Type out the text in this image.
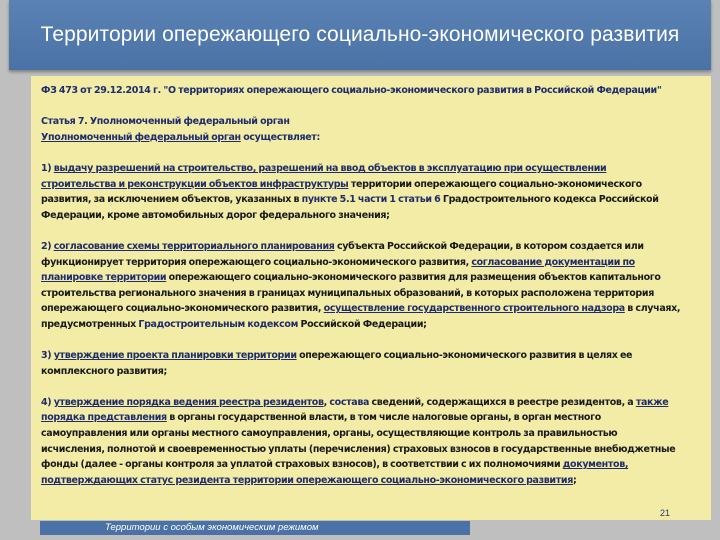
Территории опережающего социально-экономического развития

ФЗ 473 от 29.12.2014 г. "О территориях опережающего социально-экономического развития в Российской Федерации"

Статья 7. Уполномоченный федеральный орган
Уполномоченный федеральный орган осуществляет:

1) выдачу разрешений на строительство, разрешений на ввод объектов в эксплуатацию при осуществлении строительства и реконструкции объектов инфраструктуры территории опережающего социально-экономического развития, за исключением объектов, указанных в пункте 5.1 части 1 статьи 6 Градостроительного кодекса Российской Федерации, кроме автомобильных дорог федерального значения;

2) согласование схемы территориального планирования субъекта Российской Федерации, в котором создается или функционирует территория опережающего социально-экономического развития, согласование документации по планировке территории опережающего социально-экономического развития для размещения объектов капитального строительства регионального значения в границах муниципальных образований, в которых расположена территория опережающего социально-экономического развития, осуществление государственного строительного надзора в случаях, предусмотренных Градостроительным кодексом Российской Федерации;

3) утверждение проекта планировки территории опережающего социально-экономического развития в целях ее комплексного развития;

4) утверждение порядка ведения реестра резидентов, состава сведений, содержащихся в реестре резидентов, а также порядка представления в органы государственной власти, в том числе налоговые органы, в орган местного самоуправления или органы местного самоуправления, органы, осуществляющие контроль за правильностью исчисления, полнотой и своевременностью уплаты (перечисления) страховых взносов в государственные внебюджетные фонды (далее - органы контроля за уплатой страховых взносов), в соответствии с их полномочиями документов, подтверждающих статус резидента территории опережающего социально-экономического развития;

21
Территории с особым экономическим режимом
